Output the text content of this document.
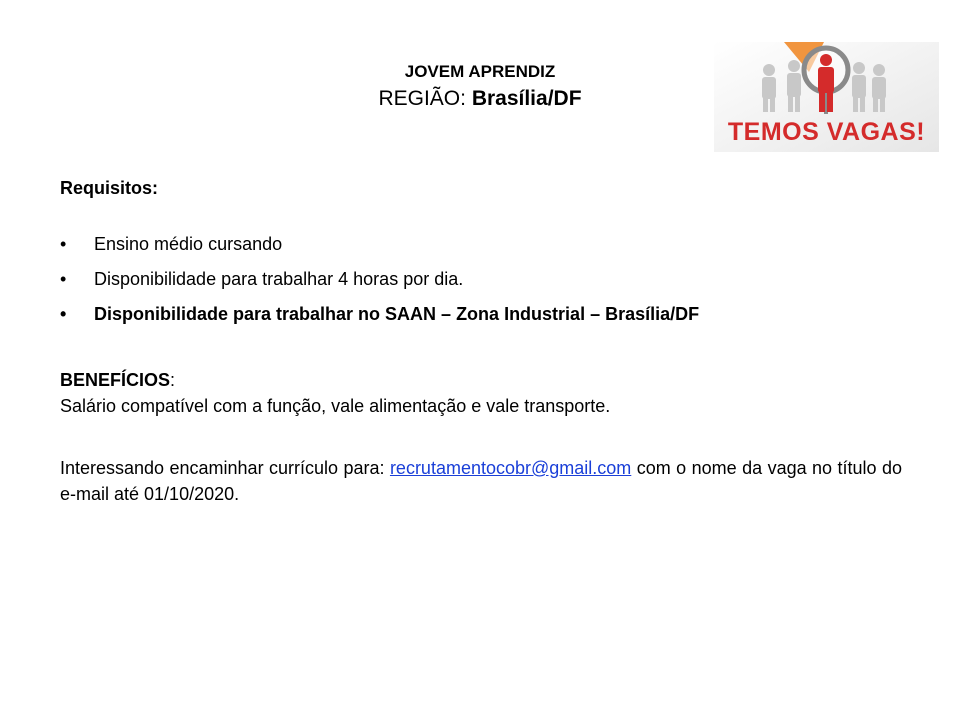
JOVEM APRENDIZ
REGIÃO: Brasília/DF
TEMOS VAGAS!

Requisitos:

• Ensino médio cursando
• Disponibilidade para trabalhar 4 horas por dia.
• Disponibilidade para trabalhar no SAAN – Zona Industrial – Brasília/DF
BENEFÍCIOS:
Salário compatível com a função, vale alimentação e vale transporte.
Interessando encaminhar currículo para: recrutamentocobr@gmail.com com o nome da vaga no título do e-mail até 01/10/2020.
